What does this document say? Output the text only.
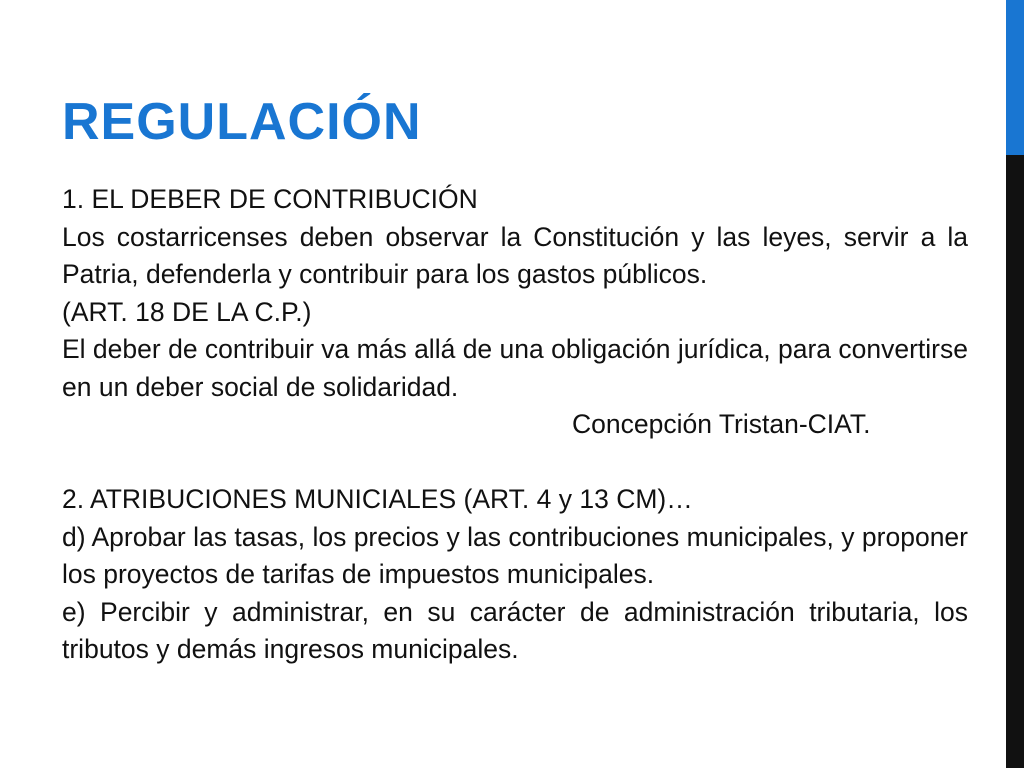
REGULACIÓN

1. EL DEBER DE CONTRIBUCIÓN

Los costarricenses deben observar la Constitución y las leyes, servir a la Patria, defenderla y contribuir para los gastos públicos.

(ART. 18 DE LA C.P.)

El deber de contribuir va más allá de una obligación jurídica, para convertirse en un deber social de solidaridad.

Concepción Tristan-CIAT.

2. ATRIBUCIONES MUNICIALES (ART. 4 y 13 CM)…

d) Aprobar las tasas, los precios y las contribuciones municipales, y proponer los proyectos de tarifas de impuestos municipales.

e) Percibir y administrar, en su carácter de administración tributaria, los tributos y demás ingresos municipales.
